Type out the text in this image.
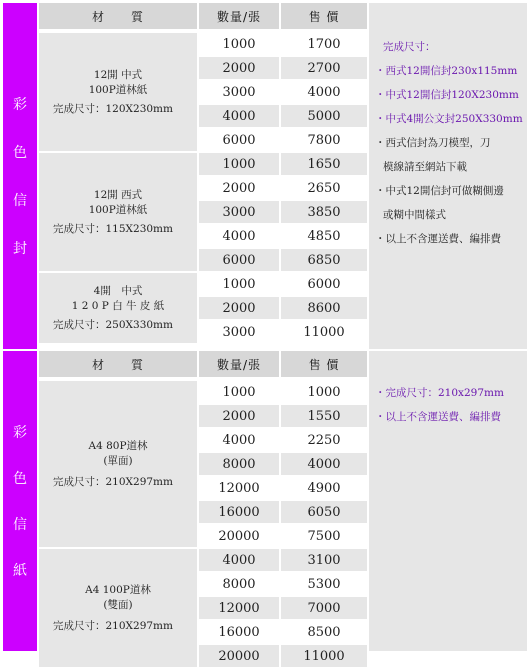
彩
色
信
封
材　　質	數量/張	售 價
12開 中式
100P道林紙
完成尺寸：120X230mm
1000	1700
2000	2700
3000	4000
4000	5000
6000	7800
12開 西式
100P道林紙
完成尺寸：115X230mm
1000	1650
2000	2650
3000	3850
4000	4850
6000	6850
4開　中式
1 2 0 P 白 牛 皮 紙
完成尺寸：250X330mm
1000	6000
2000	8600
3000	11000
完成尺寸：
・西式12開信封230x115mm
・中式12開信封120X230mm
・中式4開公文封250X330mm
・西式信封為刀模型，刀
模線請至網站下載
・中式12開信封可做糊側邊
或糊中間樣式
・以上不含運送費、編排費
彩
色
信
紙
材　　質	數量/張	售 價
A4 80P道林
(單面)
完成尺寸：210X297mm
1000	1000
2000	1550
4000	2250
8000	4000
12000	4900
16000	6050
20000	7500
A4 100P道林
(雙面)
完成尺寸：210X297mm
4000	3100
8000	5300
12000	7000
16000	8500
20000	11000
・完成尺寸：210x297mm
・以上不含運送費、編排費
